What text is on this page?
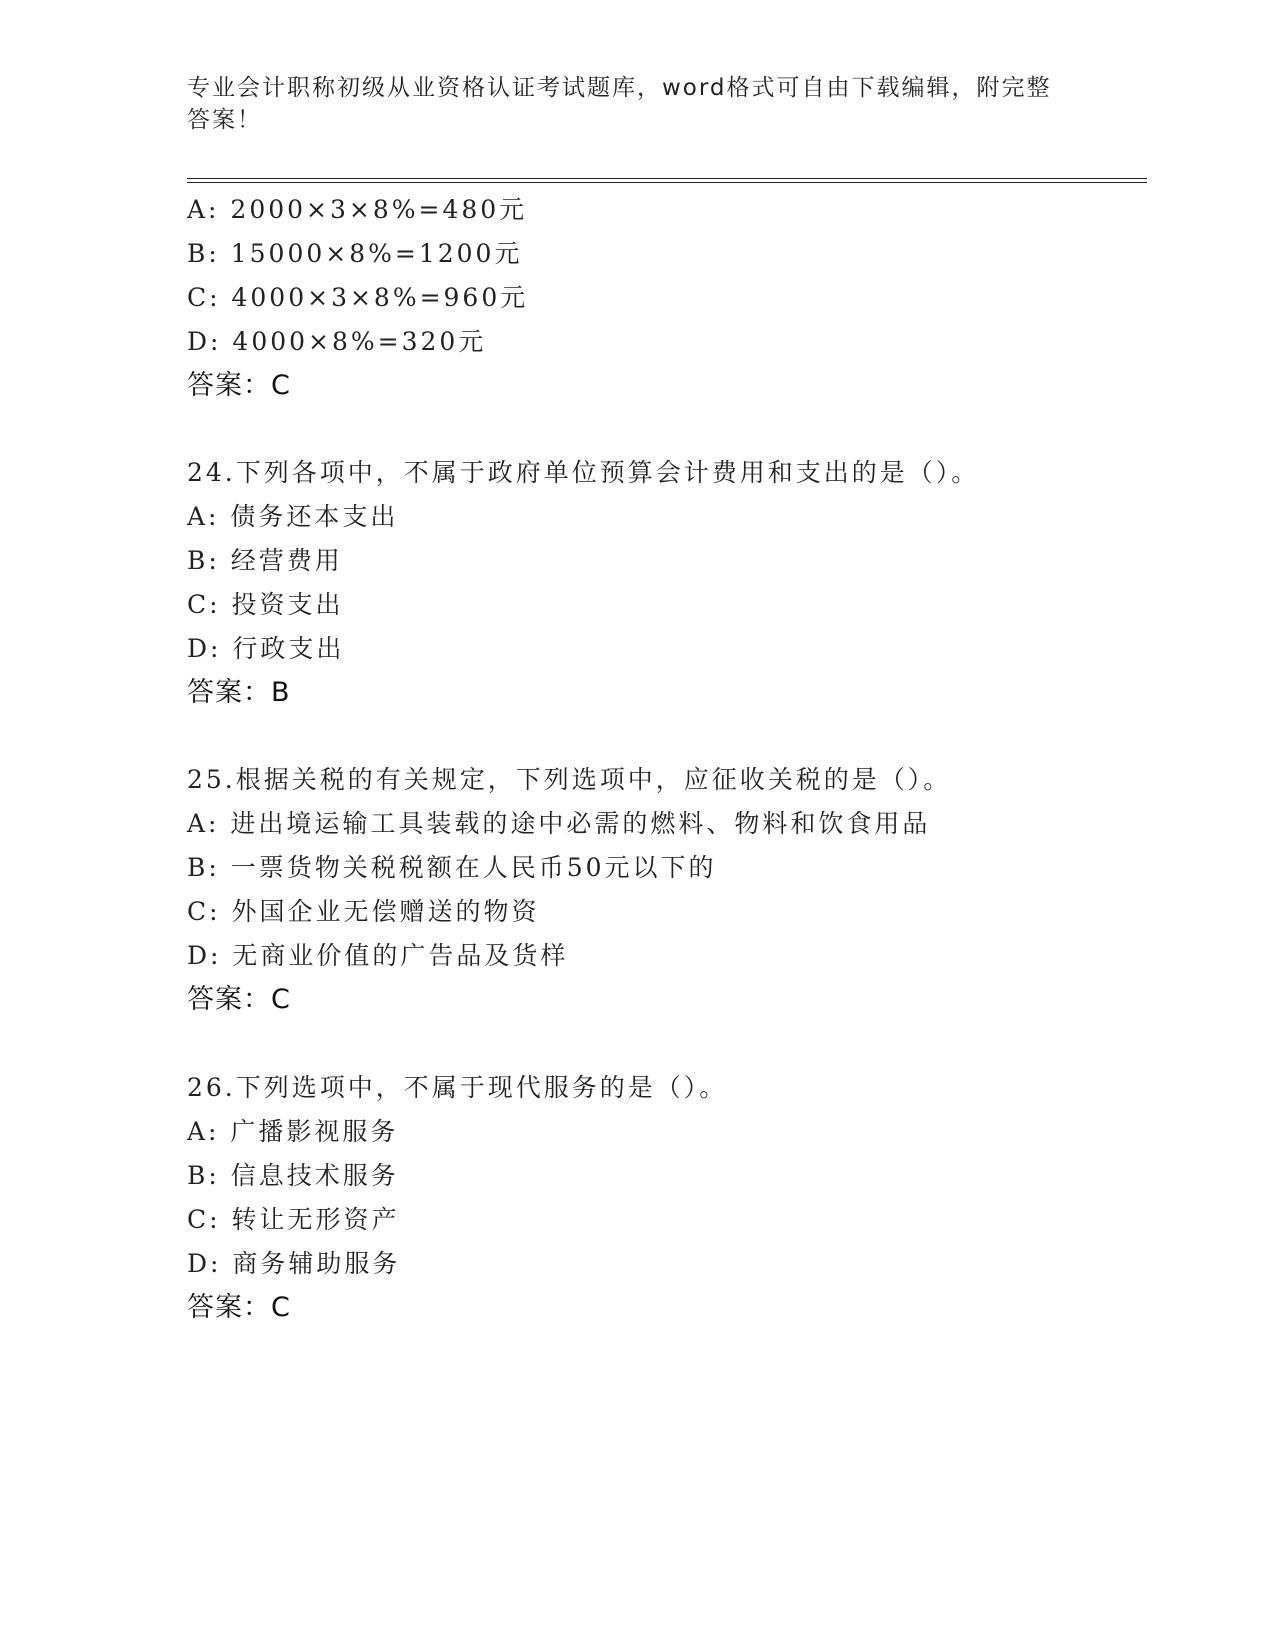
专业会计职称初级从业资格认证考试题库，word格式可自由下载编辑，附完整答案！
A: 2000×3×8%=480元
B: 15000×8%=1200元
C: 4000×3×8%=960元
D: 4000×8%=320元
答案：C
24.下列各项中，不属于政府单位预算会计费用和支出的是（）。
A: 债务还本支出
B: 经营费用
C: 投资支出
D: 行政支出
答案：B
25.根据关税的有关规定，下列选项中，应征收关税的是（）。
A: 进出境运输工具装载的途中必需的燃料、物料和饮食用品
B: 一票货物关税税额在人民币50元以下的
C: 外国企业无偿赠送的物资
D: 无商业价值的广告品及货样
答案：C
26.下列选项中，不属于现代服务的是（）。
A: 广播影视服务
B: 信息技术服务
C: 转让无形资产
D: 商务辅助服务
答案：C
